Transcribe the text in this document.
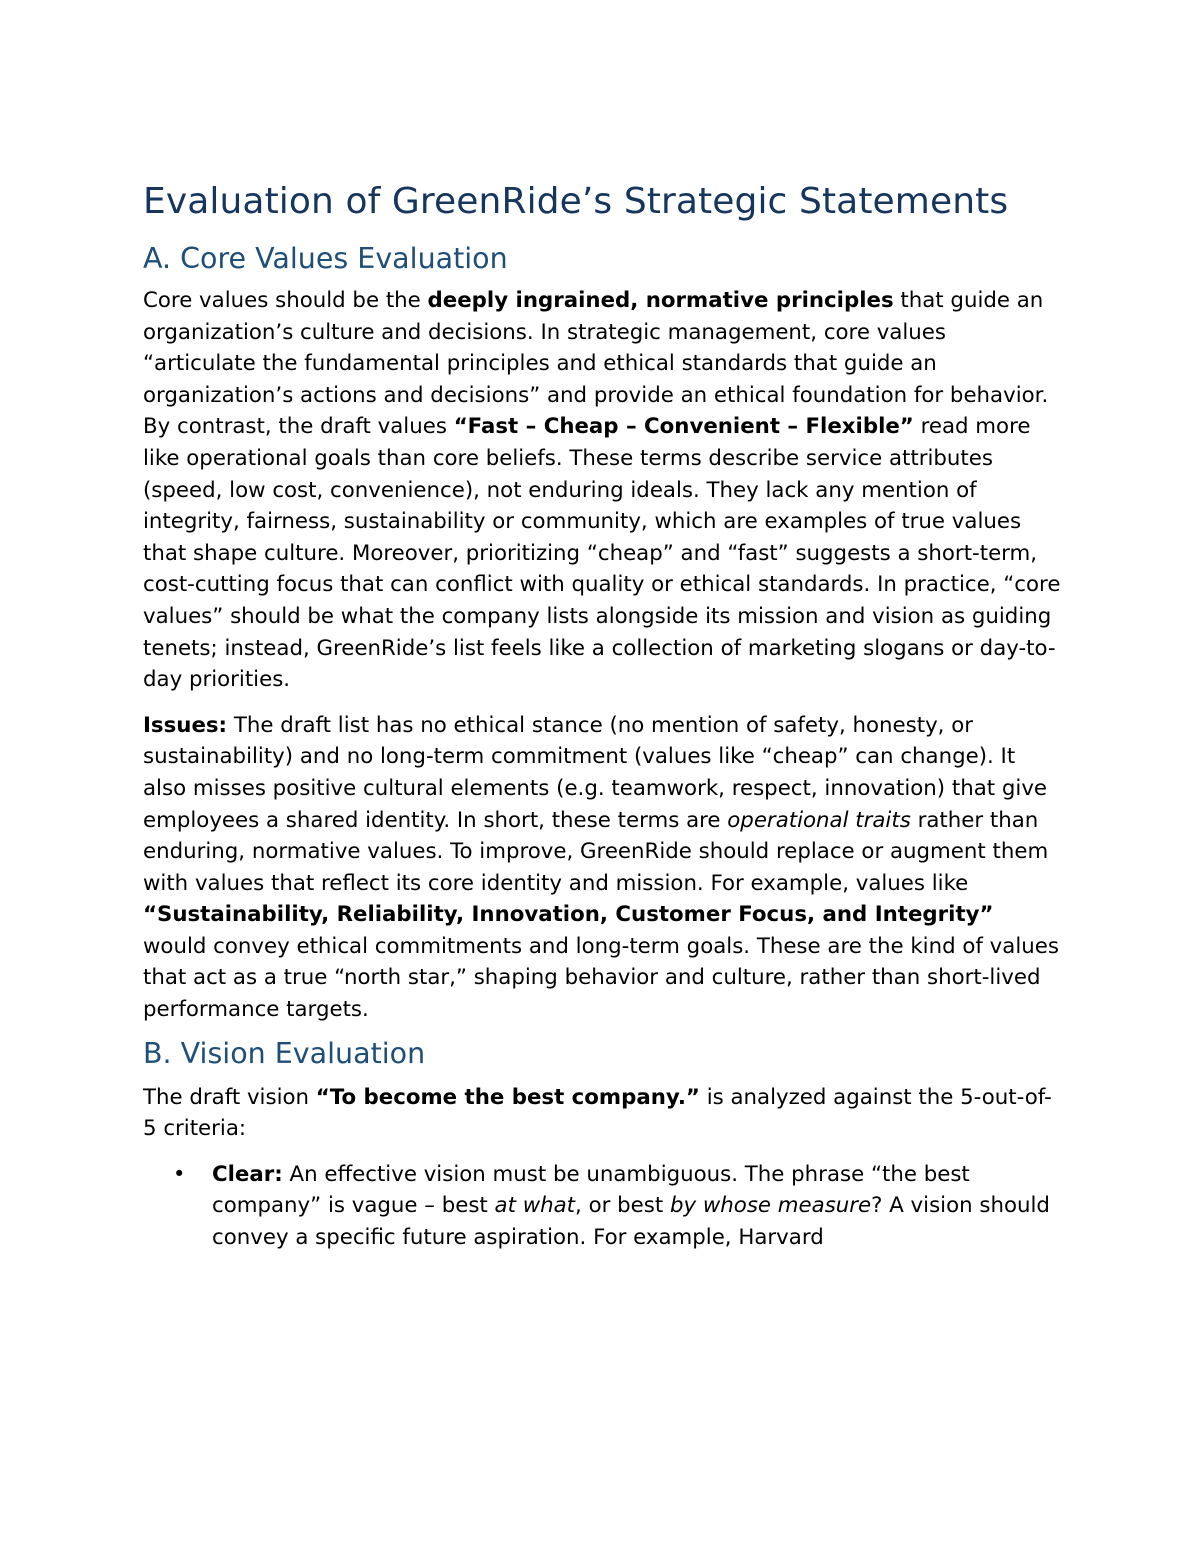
Evaluation of GreenRide’s Strategic Statements
A. Core Values Evaluation

Core values should be the deeply ingrained, normative principles that guide an organization’s culture and decisions. In strategic management, core values “articulate the fundamental principles and ethical standards that guide an organization’s actions and decisions” and provide an ethical foundation for behavior. By contrast, the draft values “Fast – Cheap – Convenient – Flexible” read more like operational goals than core beliefs. These terms describe service attributes (speed, low cost, convenience), not enduring ideals. They lack any mention of integrity, fairness, sustainability or community, which are examples of true values that shape culture. Moreover, prioritizing “cheap” and “fast” suggests a short-term, cost-cutting focus that can conflict with quality or ethical standards. In practice, “core values” should be what the company lists alongside its mission and vision as guiding tenets; instead, GreenRide’s list feels like a collection of marketing slogans or day-to-day priorities.

Issues: The draft list has no ethical stance (no mention of safety, honesty, or sustainability) and no long-term commitment (values like “cheap” can change). It also misses positive cultural elements (e.g. teamwork, respect, innovation) that give employees a shared identity. In short, these terms are operational traits rather than enduring, normative values. To improve, GreenRide should replace or augment them with values that reflect its core identity and mission. For example, values like “Sustainability, Reliability, Innovation, Customer Focus, and Integrity” would convey ethical commitments and long-term goals. These are the kind of values that act as a true “north star,” shaping behavior and culture, rather than short-lived performance targets.

B. Vision Evaluation

The draft vision “To become the best company.” is analyzed against the 5-out-of-5 criteria:

• Clear: An effective vision must be unambiguous. The phrase “the best company” is vague – best at what, or best by whose measure? A vision should convey a specific future aspiration. For example, Harvard
